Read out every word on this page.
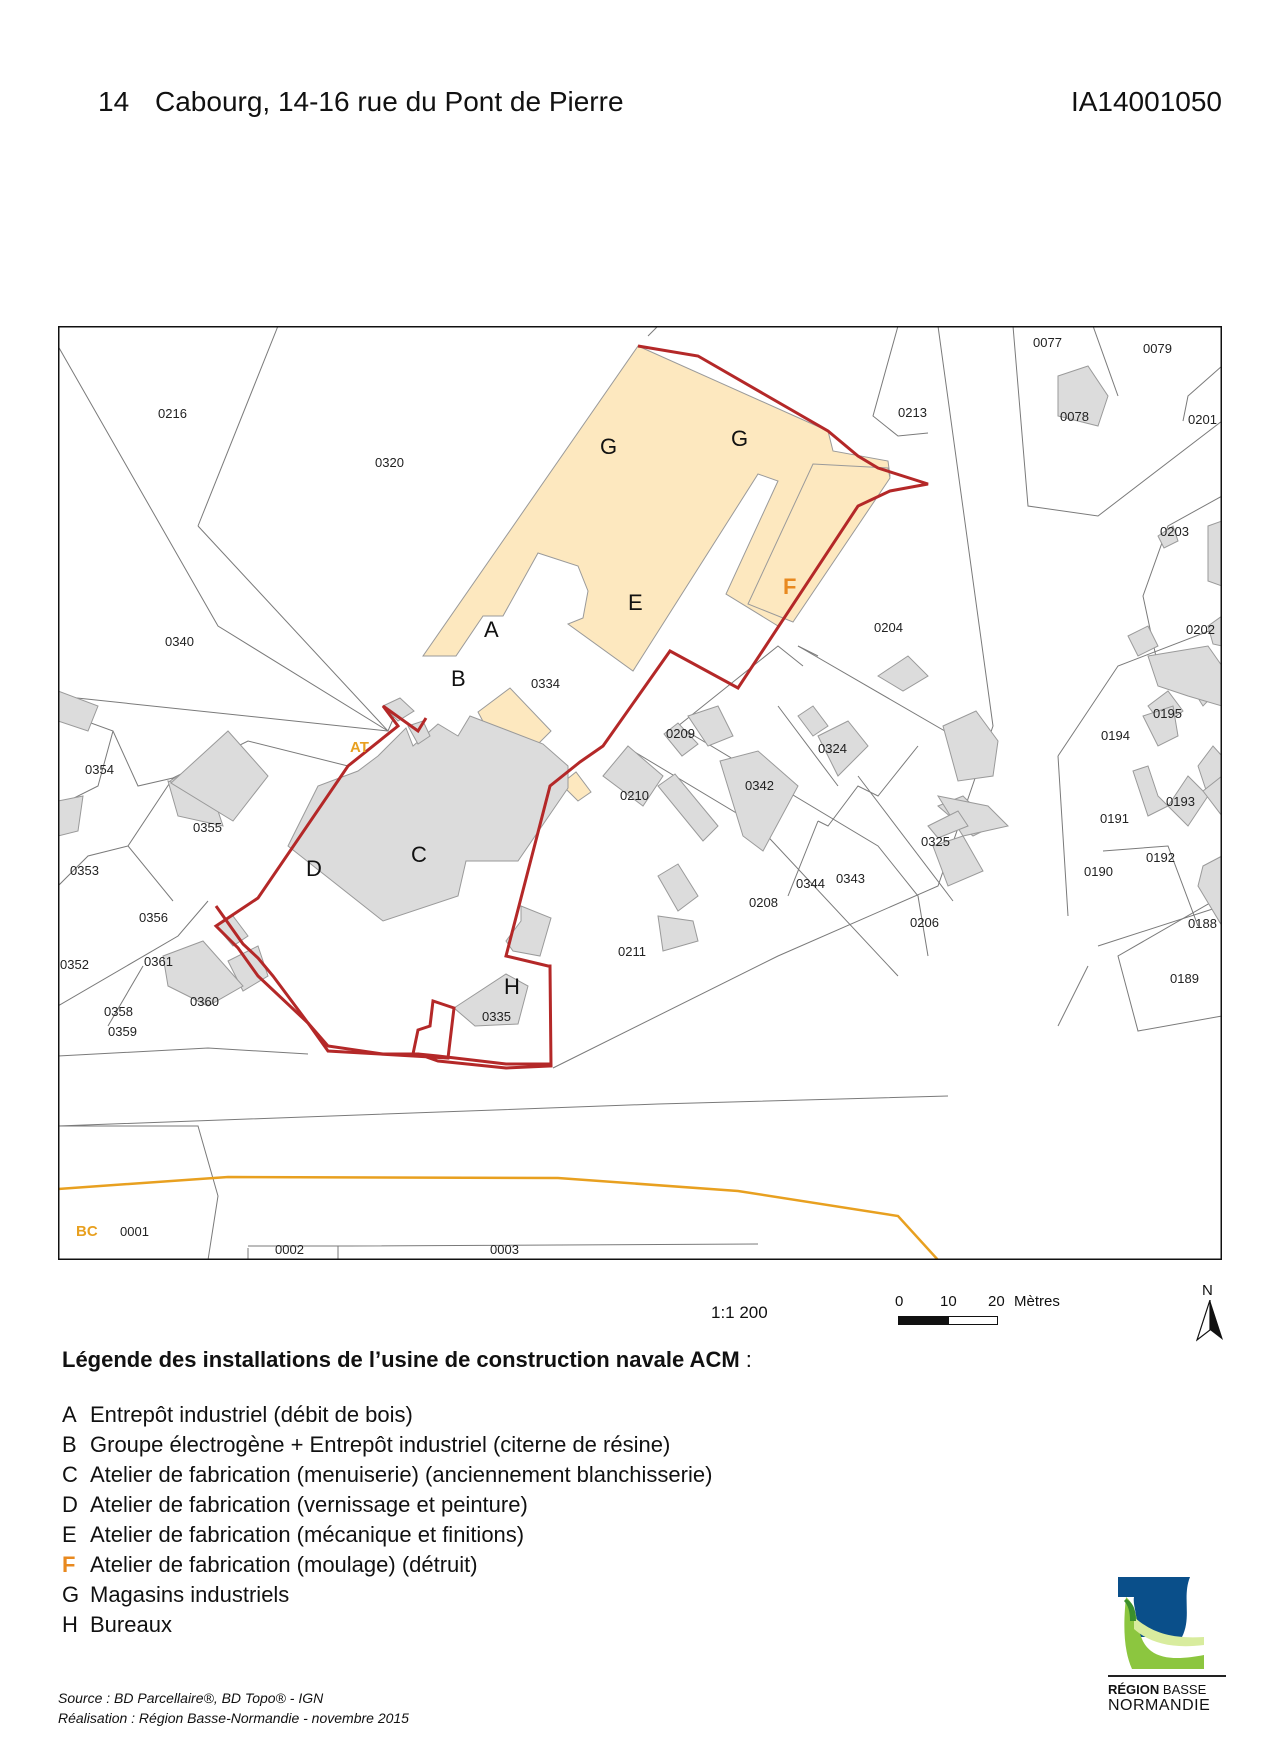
14 Cabourg, 14-16 rue du Pont de Pierre	IA14001050
0216
0320
0340
0334
0213
0077	0079
0078	0201
0203
0204	0202
0195
0194
0193
0191
0192
0190
0188
0189
0209
0324
0342
0210
0325
0344 0343
0208
0206
0211
0335
0354
0355
0353
0356
0352	0361
0360
0358
0359
0001
0002	0003
A
B
C
D
E
F
G	G
H
AT
BC
1:1 200
0 10 20 Mètres
N
Légende des installations de l’usine de construction navale ACM :
A Entrepôt industriel (débit de bois)
B Groupe électrogène + Entrepôt industriel (citerne de résine)
C Atelier de fabrication (menuiserie) (anciennement blanchisserie)
D Atelier de fabrication (vernissage et peinture)
E Atelier de fabrication (mécanique et finitions)
F Atelier de fabrication (moulage) (détruit)
G Magasins industriels
H Bureaux
Source : BD Parcellaire®, BD Topo® - IGN
Réalisation : Région Basse-Normandie - novembre 2015
RÉGION BASSE
NORMANDIE
